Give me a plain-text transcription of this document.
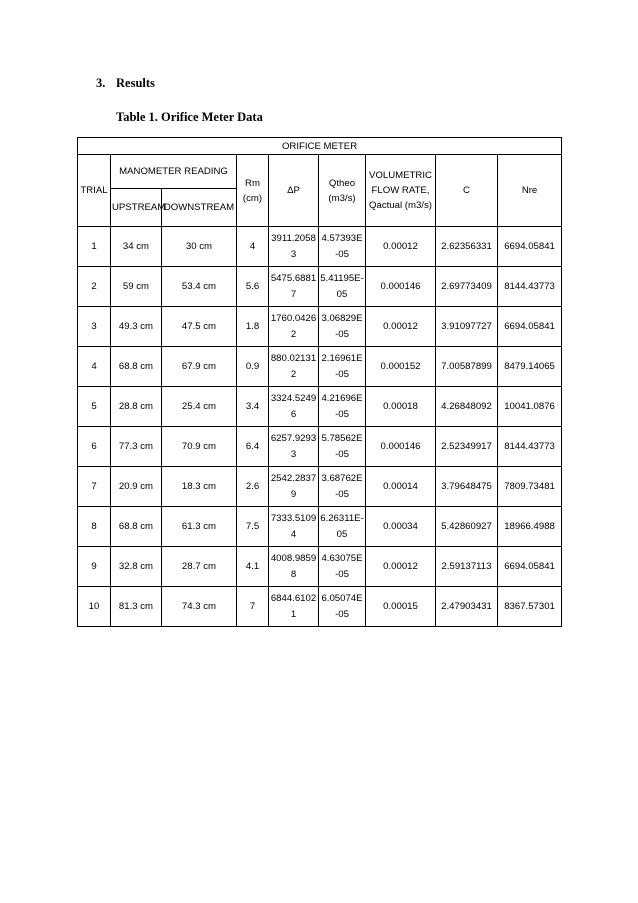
3. Results
Table 1. Orifice Meter Data
ORIFICE METER								
TRIAL	MANOMETER READING		Rm (cm)	ΔP	Qtheo (m3/s)	VOLUMETRIC FLOW RATE, Qactual (m3/s)	C	Nre
	UPSTREAM	DOWNSTREAM						
1	34 cm	30 cm	4	3911.20583	4.57393E-05	0.00012	2.62356331	6694.05841
2	59 cm	53.4 cm	5.6	5475.68817	5.41195E-05	0.000146	2.69773409	8144.43773
3	49.3 cm	47.5 cm	1.8	1760.04262	3.06829E-05	0.00012	3.91097727	6694.05841
4	68.8 cm	67.9 cm	0.9	880.021312	2.16961E-05	0.000152	7.00587899	8479.14065
5	28.8 cm	25.4 cm	3.4	3324.52496	4.21696E-05	0.00018	4.26848092	10041.0876
6	77.3 cm	70.9 cm	6.4	6257.92933	5.78562E-05	0.000146	2.52349917	8144.43773
7	20.9 cm	18.3 cm	2.6	2542.28379	3.68762E-05	0.00014	3.79648475	7809.73481
8	68.8 cm	61.3 cm	7.5	7333.51094	6.26311E-05	0.00034	5.42860927	18966.4988
9	32.8 cm	28.7 cm	4.1	4008.98598	4.63075E-05	0.00012	2.59137113	6694.05841
10	81.3 cm	74.3 cm	7	6844.61021	6.05074E-05	0.00015	2.47903431	8367.57301
